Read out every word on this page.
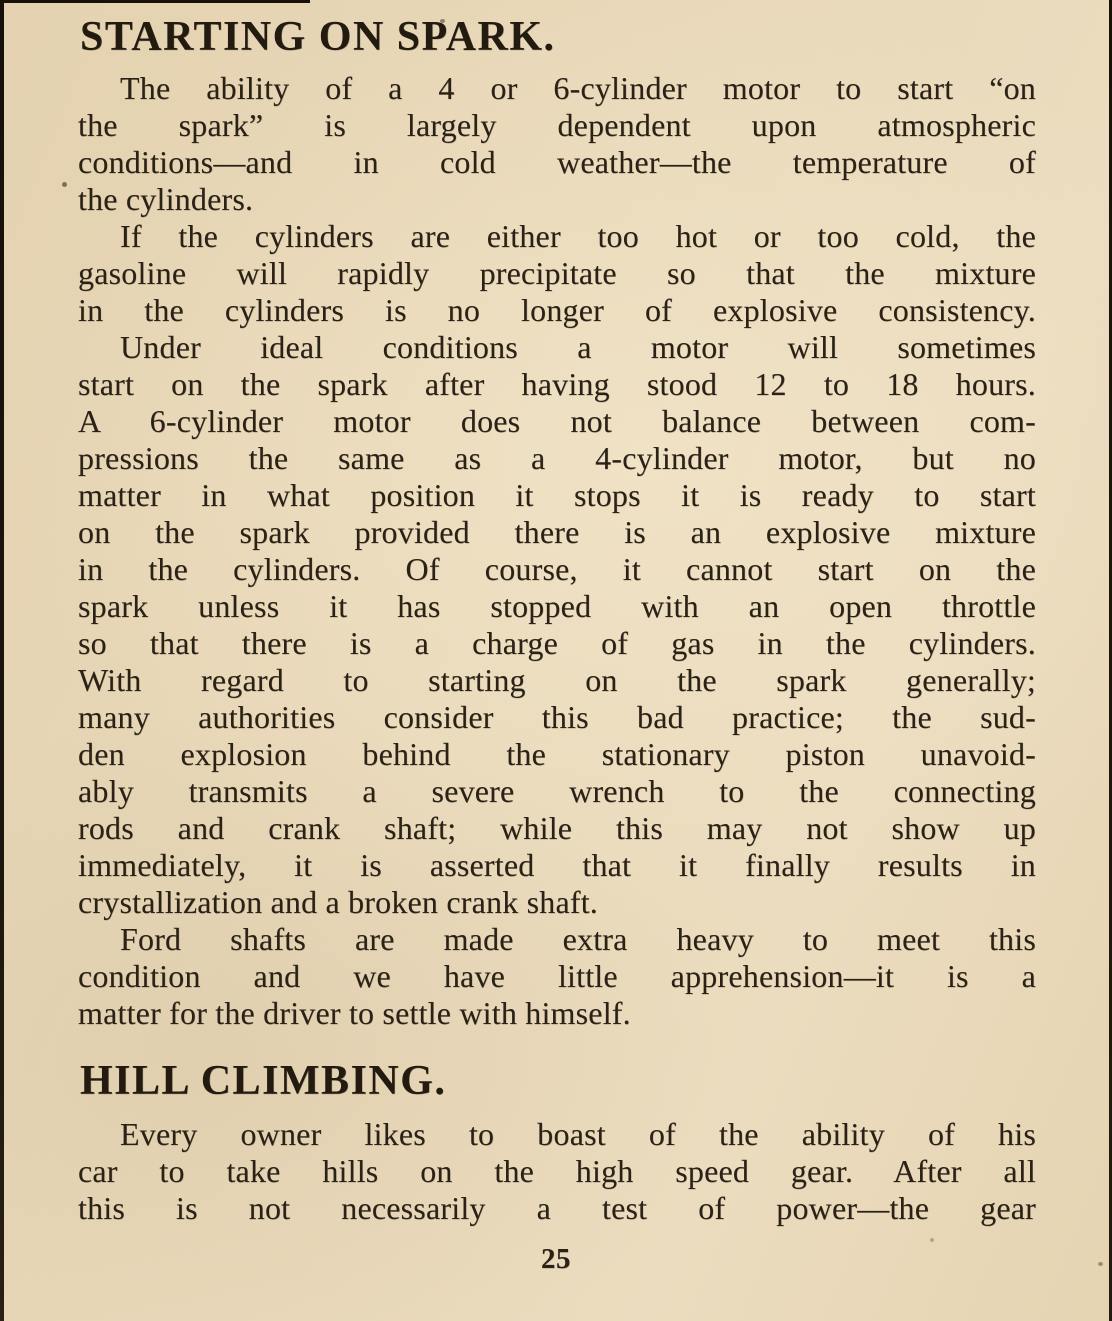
STARTING ON SPARK.
The ability of a 4 or 6-cylinder motor to start “on
the spark” is largely dependent upon atmospheric
conditions—and in cold weather—the temperature of
the cylinders.
If the cylinders are either too hot or too cold, the
gasoline will rapidly precipitate so that the mixture
in the cylinders is no longer of explosive consistency.
Under ideal conditions a motor will sometimes
start on the spark after having stood 12 to 18 hours.
A 6-cylinder motor does not balance between com-
pressions the same as a 4-cylinder motor, but no
matter in what position it stops it is ready to start
on the spark provided there is an explosive mixture
in the cylinders. Of course, it cannot start on the
spark unless it has stopped with an open throttle
so that there is a charge of gas in the cylinders.
With regard to starting on the spark generally;
many authorities consider this bad practice; the sud-
den explosion behind the stationary piston unavoid-
ably transmits a severe wrench to the connecting
rods and crank shaft; while this may not show up
immediately, it is asserted that it finally results in
crystallization and a broken crank shaft.
Ford shafts are made extra heavy to meet this
condition and we have little apprehension—it is a
matter for the driver to settle with himself.
HILL CLIMBING.
Every owner likes to boast of the ability of his
car to take hills on the high speed gear. After all
this is not necessarily a test of power—the gear
25
